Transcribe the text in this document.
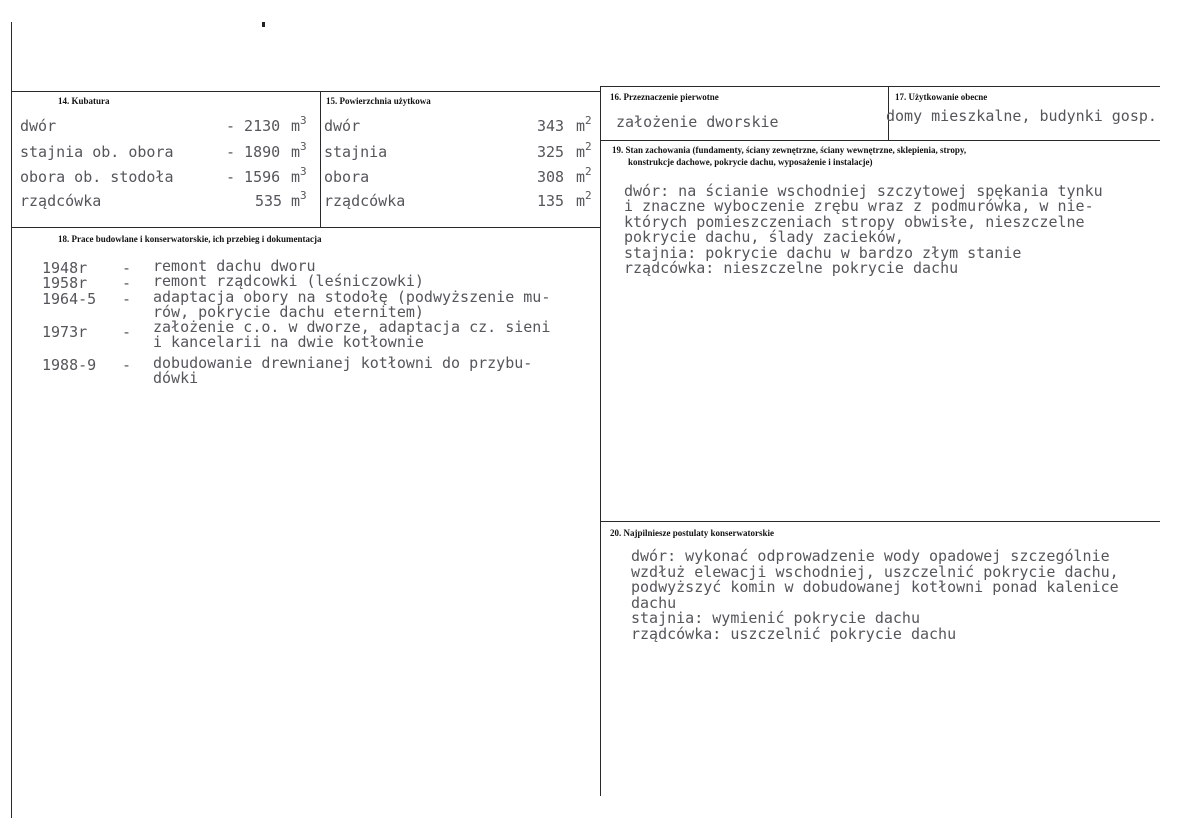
14. Kubatura
dwór	- 2130 $m^3$
stajnia ob. obora	- 1890 $m^3$
obora ob. stodoła	- 1596 $m^3$
rządcówka	535 $m^3$
15. Powierzchnia użytkowa
dwór	343 $m^2$
stajnia	325 $m^2$
obora	308 $m^2$
rządcówka	135 $m^2$
16. Przeznaczenie pierwotne
założenie dworskie
17. Użytkowanie obecne
domy mieszkalne, budynki gosp.
18. Prace budowlane i konserwatorskie, ich przebieg i dokumentacja
1948r - remont dachu dworu
1958r - remont rządcowki (leśniczowki)
1964-5 - adaptacja obory na stodołę (podwyższenie mu-
rów, pokrycie dachu eternitem)
1973r - założenie c.o. w dworze, adaptacja cz. sieni
i kancelarii na dwie kotłownie
1988-9 - dobudowanie drewnianej kotłowni do przybu-
dówki
19. Stan zachowania (fundamenty, ściany zewnętrzne, ściany wewnętrzne, sklepienia, stropy,
konstrukcje dachowe, pokrycie dachu, wyposażenie i instalacje)
dwór: na ścianie wschodniej szczytowej spękania tynku
i znaczne wyboczenie zrębu wraz z podmurówka, w nie-
których pomieszczeniach stropy obwisłe, nieszczelne
pokrycie dachu, ślady zacieków,
stajnia: pokrycie dachu w bardzo złym stanie
rządcówka: nieszczelne pokrycie dachu
20. Najpilniesze postulaty konserwatorskie
dwór: wykonać odprowadzenie wody opadowej szczególnie
wzdłuż elewacji wschodniej, uszczelnić pokrycie dachu,
podwyższyć komin w dobudowanej kotłowni ponad kalenice
dachu
stajnia: wymienić pokrycie dachu
rządcówka: uszczelnić pokrycie dachu
